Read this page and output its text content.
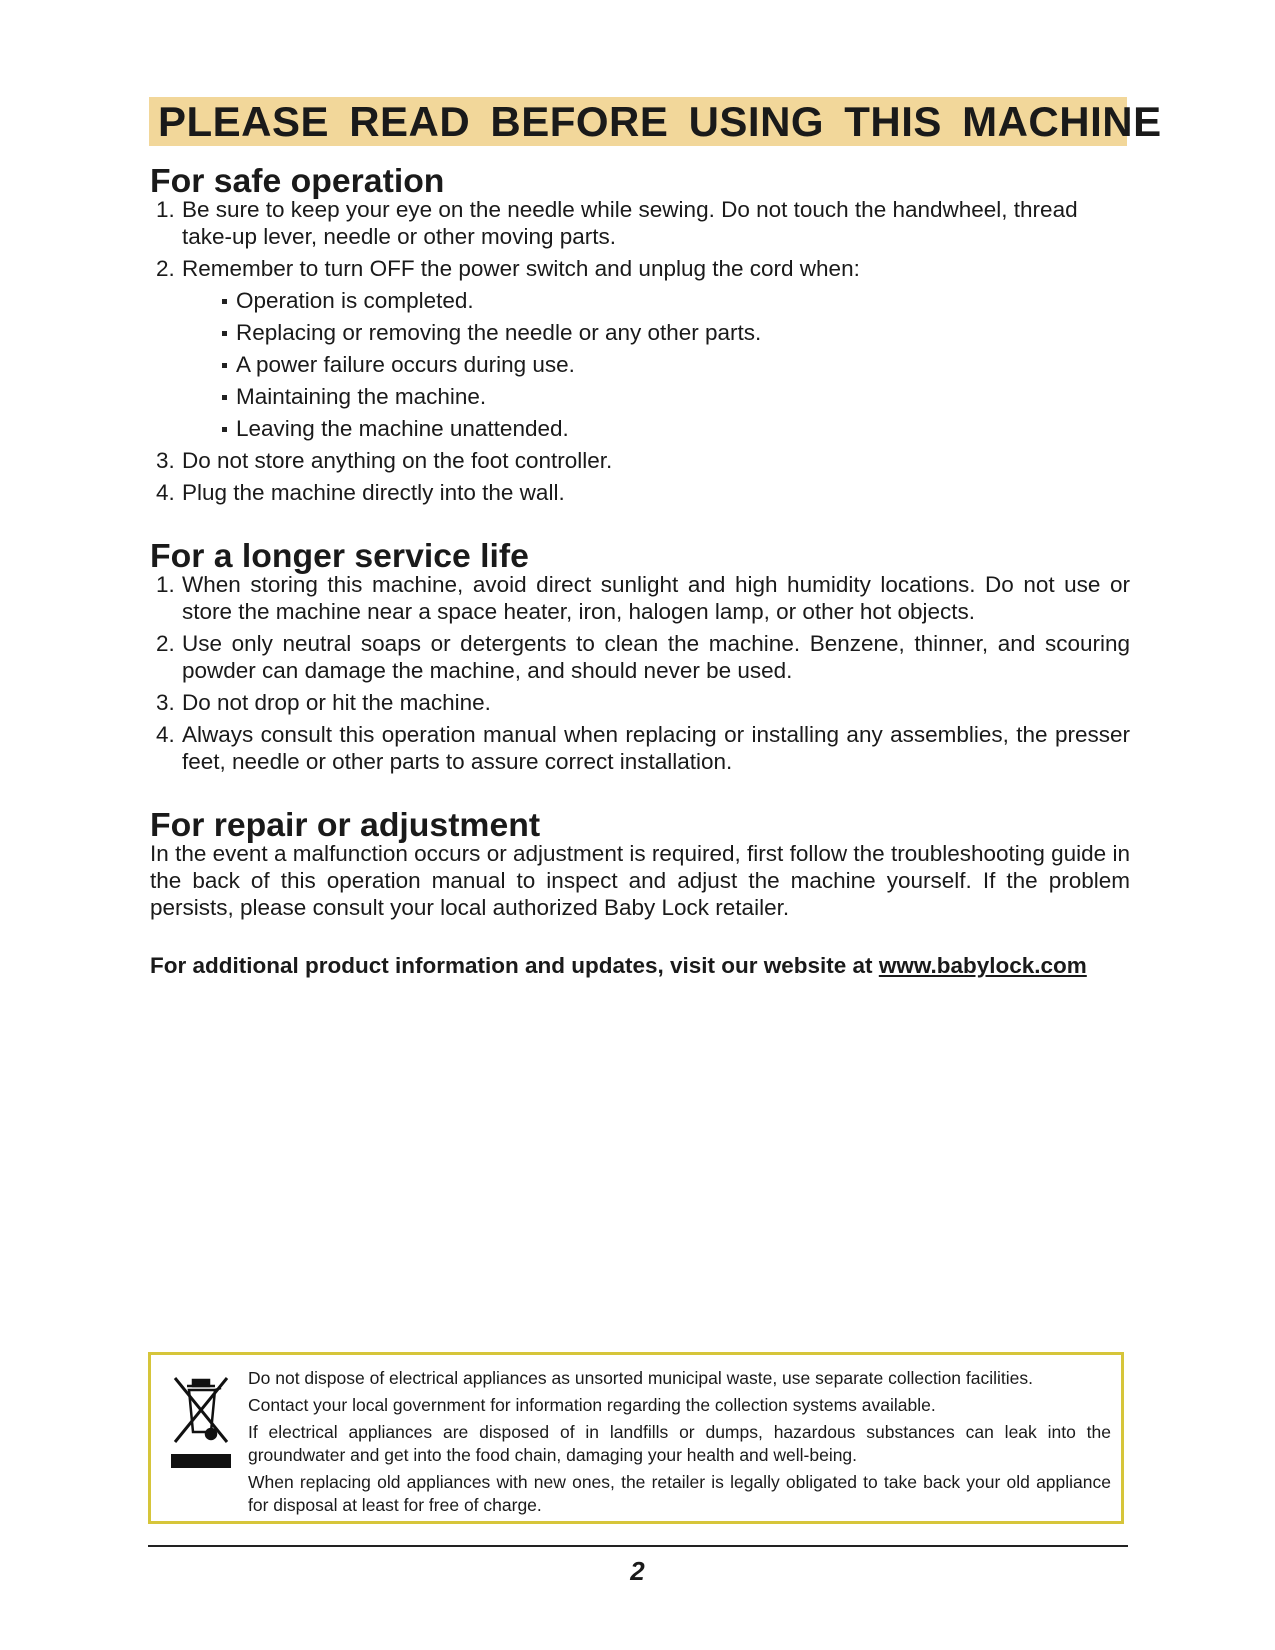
PLEASE READ BEFORE USING THIS MACHINE
For safe operation
1. Be sure to keep your eye on the needle while sewing. Do not touch the handwheel, thread take-up lever, needle or other moving parts.
2. Remember to turn OFF the power switch and unplug the cord when:
Operation is completed.
Replacing or removing the needle or any other parts.
A power failure occurs during use.
Maintaining the machine.
Leaving the machine unattended.
3. Do not store anything on the foot controller.
4. Plug the machine directly into the wall.
For a longer service life
1. When storing this machine, avoid direct sunlight and high humidity locations. Do not use or store the machine near a space heater, iron, halogen lamp, or other hot objects.
2. Use only neutral soaps or detergents to clean the machine. Benzene, thinner, and scouring powder can damage the machine, and should never be used.
3. Do not drop or hit the machine.
4. Always consult this operation manual when replacing or installing any assemblies, the presser feet, needle or other parts to assure correct installation.
For repair or adjustment

In the event a malfunction occurs or adjustment is required, first follow the troubleshooting guide in the back of this operation manual to inspect and adjust the machine yourself. If the problem persists, please consult your local authorized Baby Lock retailer.

For additional product information and updates, visit our website at www.babylock.com

Do not dispose of electrical appliances as unsorted municipal waste, use separate collection facilities.

Contact your local government for information regarding the collection systems available.

If electrical appliances are disposed of in landfills or dumps, hazardous substances can leak into the groundwater and get into the food chain, damaging your health and well-being.

When replacing old appliances with new ones, the retailer is legally obligated to take back your old appliance for disposal at least for free of charge.

2
